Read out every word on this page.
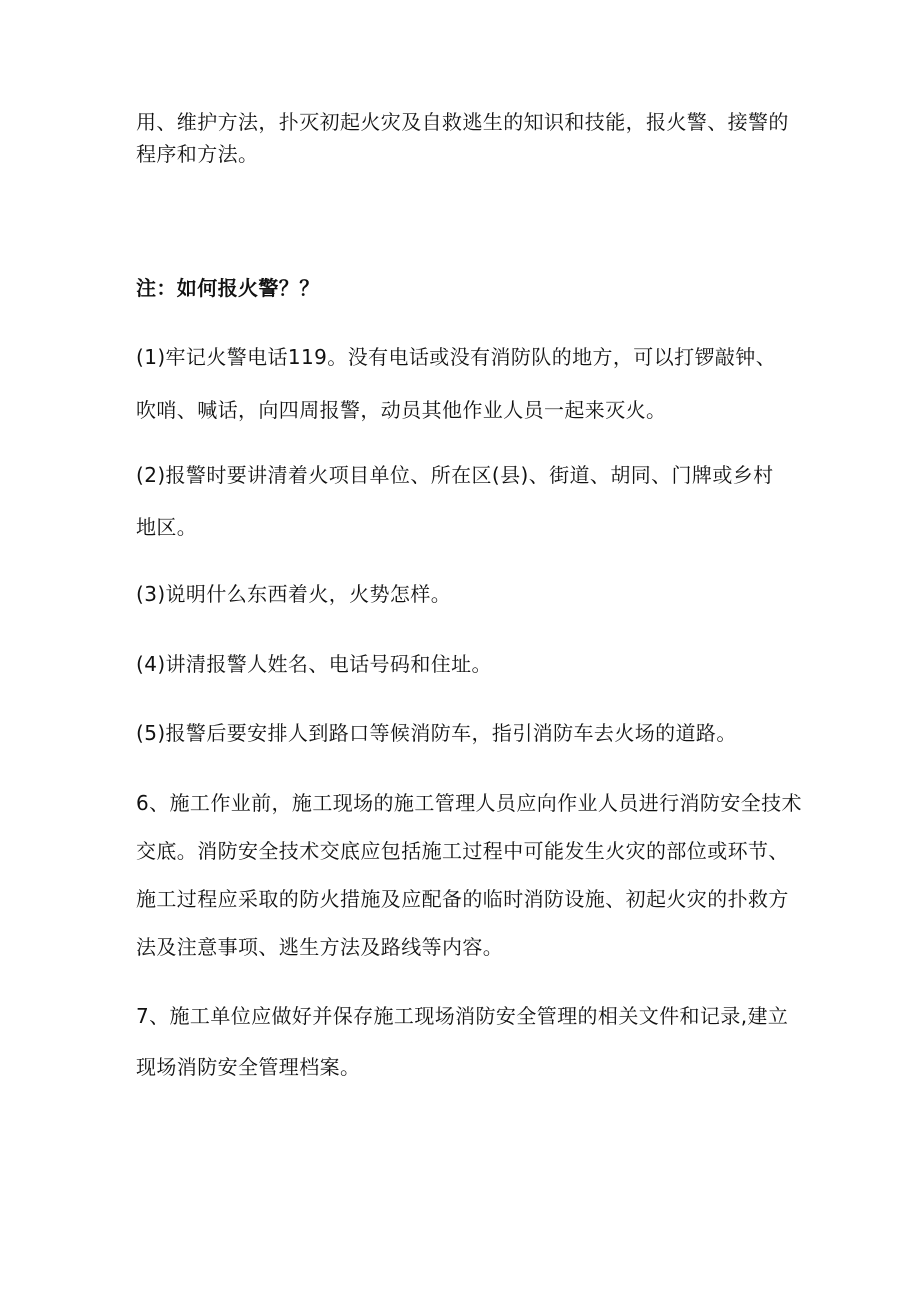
用、维护方法，扑灭初起火灾及自救逃生的知识和技能，报火警、接警的
程序和方法。
注：如何报火警？？
(1)牢记火警电话119。没有电话或没有消防队的地方，可以打锣敲钟、
吹哨、喊话，向四周报警，动员其他作业人员一起来灭火。
(2)报警时要讲清着火项目单位、所在区(县)、街道、胡同、门牌或乡村
地区。
(3)说明什么东西着火，火势怎样。
(4)讲清报警人姓名、电话号码和住址。
(5)报警后要安排人到路口等候消防车，指引消防车去火场的道路。
6、施工作业前，施工现场的施工管理人员应向作业人员进行消防安全技术
交底。消防安全技术交底应包括施工过程中可能发生火灾的部位或环节、
施工过程应采取的防火措施及应配备的临时消防设施、初起火灾的扑救方
法及注意事项、逃生方法及路线等内容。
7、施工单位应做好并保存施工现场消防安全管理的相关文件和记录,建立
现场消防安全管理档案。
